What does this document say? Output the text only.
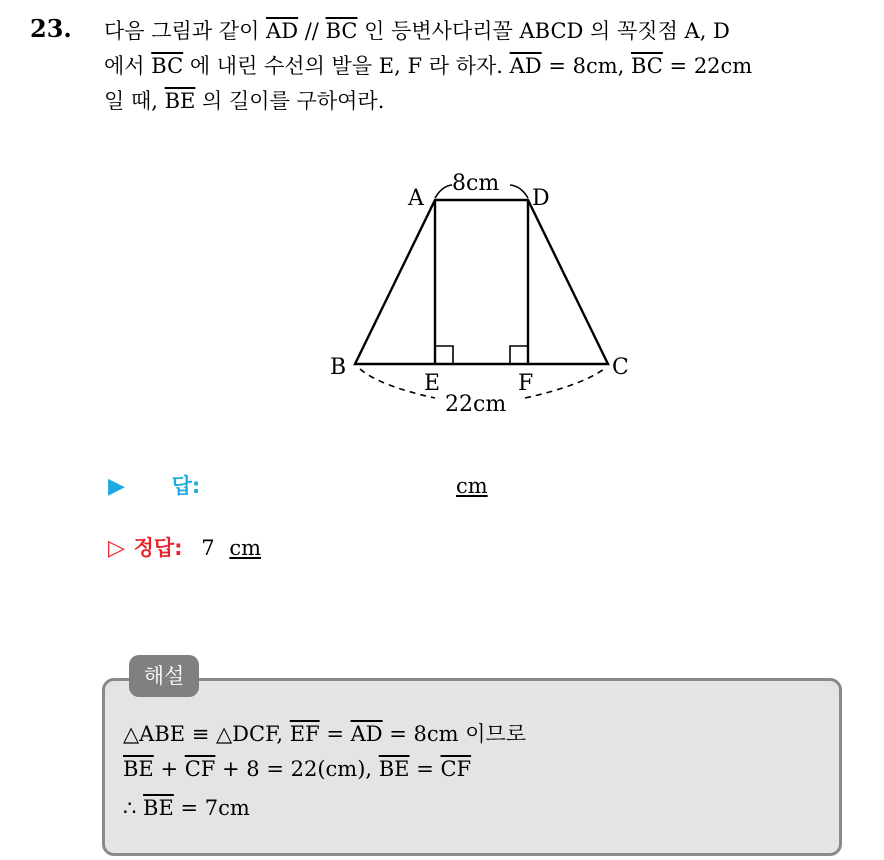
23. 다음 그림과 같이 $\overline{AD} // \overline{BC}$ 인 등변사다리꼴 ABCD 의 꼭짓점 A, D
에서 $\overline{BC}$ 에 내린 수선의 발을 E, F 라 하자. $\overline{AD} = 8cm$, $\overline{BC} = 22cm$
일 때, $\overline{BE}$ 의 길이를 구하여라.
A	D
B	C
E	F
8cm
22cm
▶ 답:	cm
▷ 정답: 7 cm
해설
△ABE ≡ △DCF, $\overline{EF} = \overline{AD} = 8cm$ 이므로
$\overline{BE} + \overline{CF} + 8 = 22(cm)$, $\overline{BE} = \overline{CF}$
∴ $\overline{BE} = 7cm$
